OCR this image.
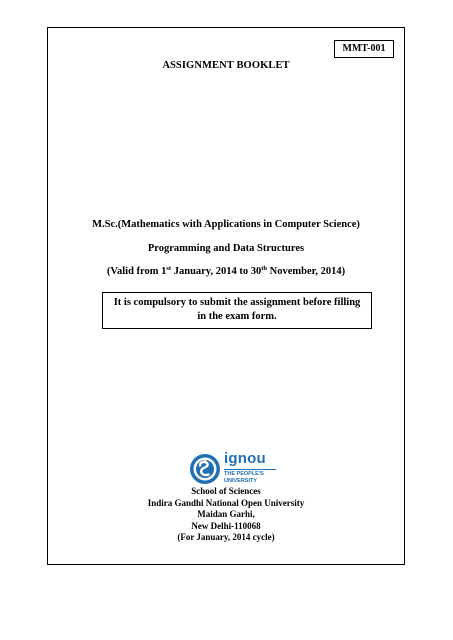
MMT-001
ASSIGNMENT BOOKLET
M.Sc.(Mathematics with Applications in Computer Science)
Programming and Data Structures
(Valid from 1st January, 2014 to 30th November, 2014)
It is compulsory to submit the assignment before filling
in the exam form.
ignou
THE PEOPLE'S
UNIVERSITY
School of Sciences
Indira Gandhi National Open University
Maidan Garhi,
New Delhi-110068
(For January, 2014 cycle)
